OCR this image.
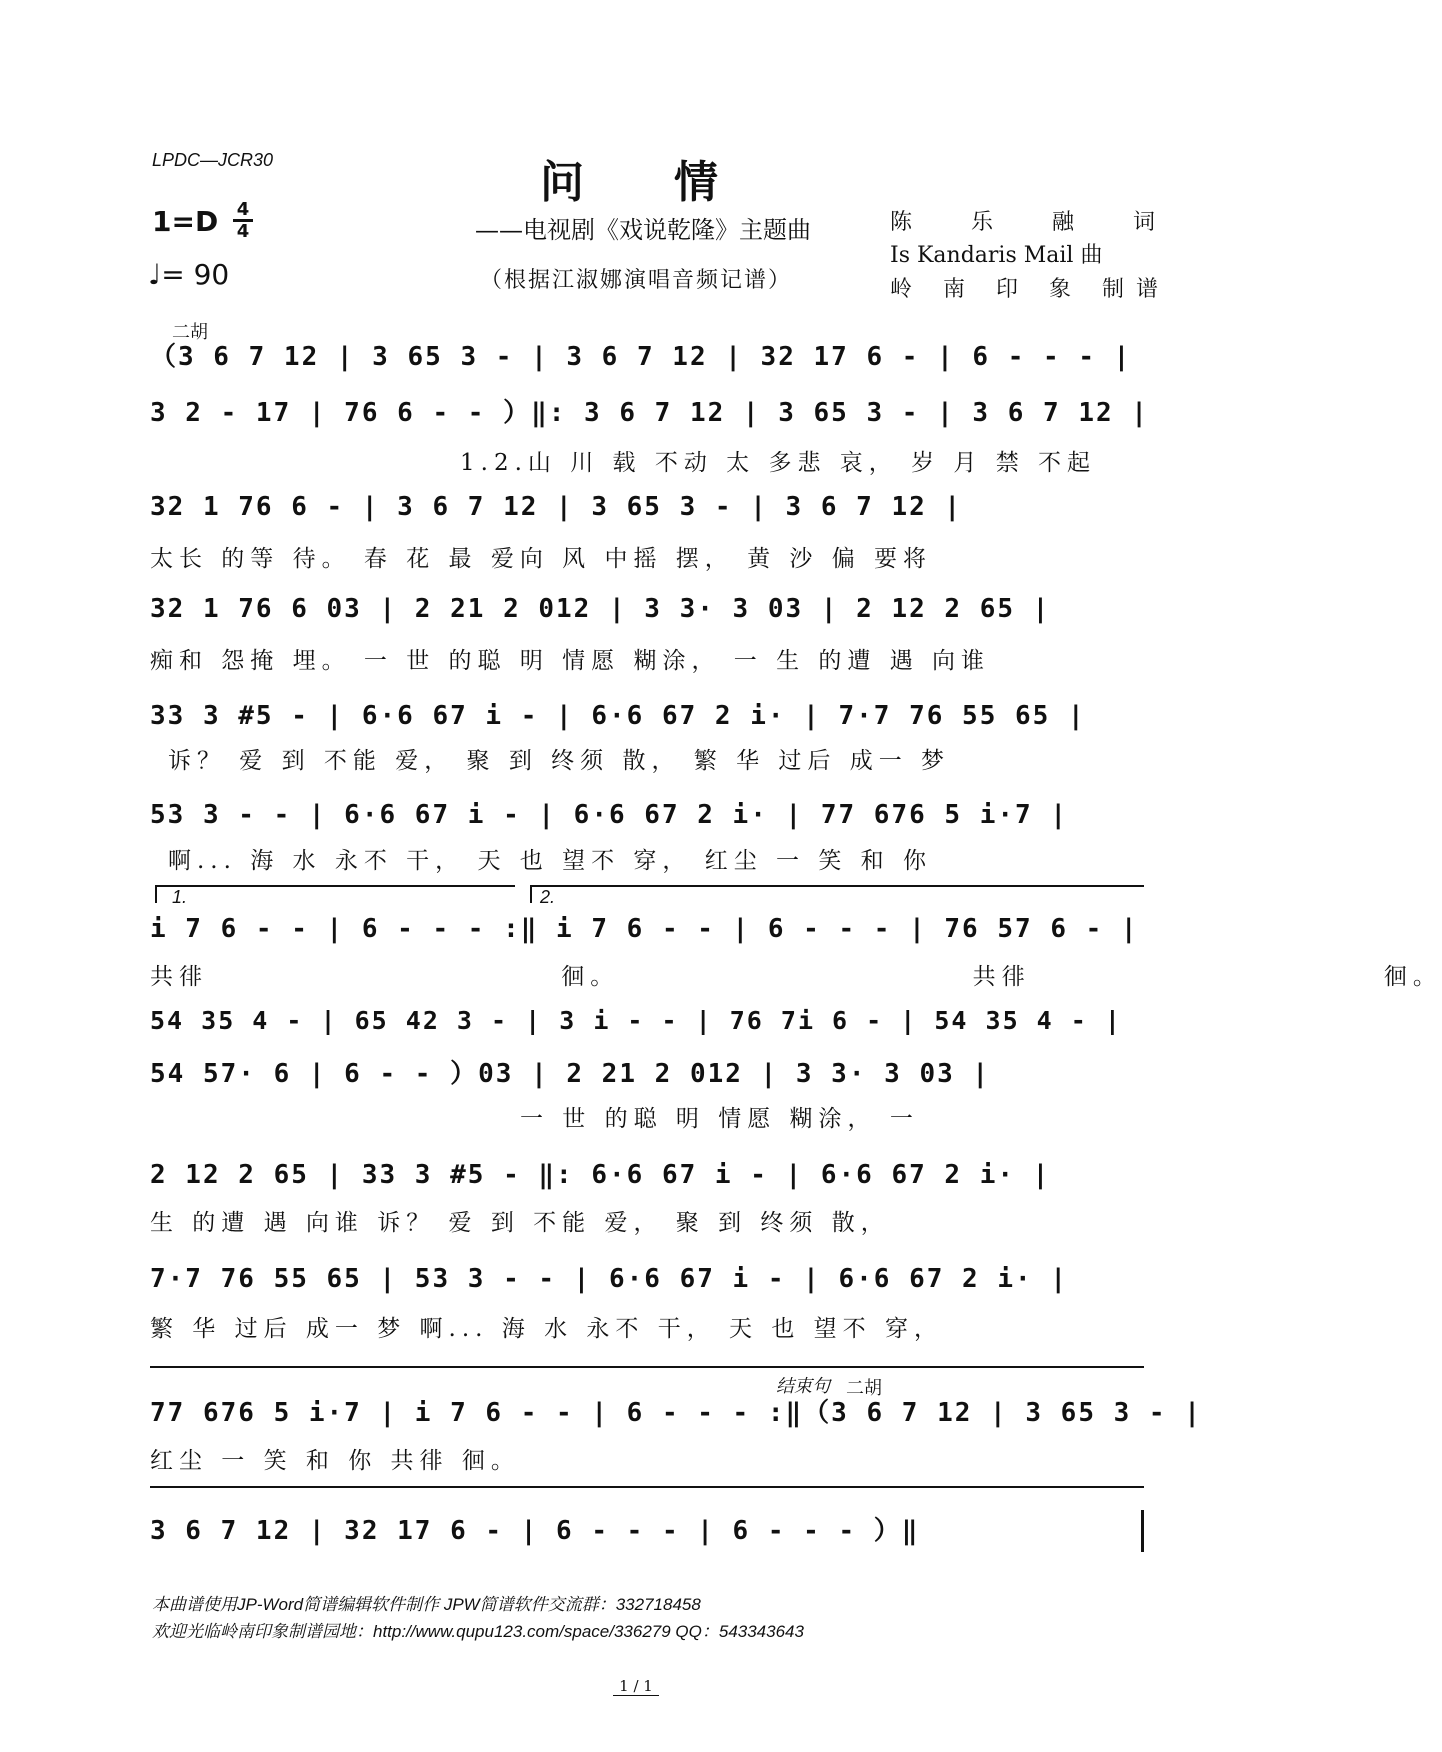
LPDC—JCR30	问情
1=D 4
4
♩= 90
——电视剧《戏说乾隆》主题曲
（根据江淑娜演唱音频记谱）
陈 乐 融 词
Is Kandaris Mail 曲
岭 南 印 象 制谱
二胡
（3 6 7 12 | 3 65 3 - | 3 6 7 12 | 32 17 6 - | 6 - - - |
3 2 - 17 | 76 6 - - ）‖: 3 6 7 12 | 3 65 3 - | 3 6 7 12 |
1.2.山 川 载 不动 太 多悲 哀， 岁 月 禁 不起
32 1 76 6 - | 3 6 7 12 | 3 65 3 - | 3 6 7 12 |
太长 的等 待。 春 花 最 爱向 风 中摇 摆， 黄 沙 偏 要将
32 1 76 6 03 | 2 21 2 012 | 3 3· 3 03 | 2 12 2 65 |
痴和 怨掩 埋。 一 世 的聪 明 情愿 糊涂， 一 生 的遭 遇 向谁
33 3 #5 - | 6·6 67 i - | 6·6 67 2 i· | 7·7 76 55 65 |
诉？ 爱 到 不能 爱， 聚 到 终须 散， 繁 华 过后 成一 梦
53 3 - - | 6·6 67 i - | 6·6 67 2 i· | 77 676 5 i·7 |
啊... 海 水 永不 干， 天 也 望不 穿， 红尘 一 笑 和 你
1.	2.
i 7 6 - - | 6 - - - :‖ i 7 6 - - | 6 - - - | 76 57 6 - |
共徘 徊。 共徘 徊。
54 35 4 - | 65 42 3 - | 3 i - - | 76 7i 6 - | 54 35 4 - |
54 57· 6 | 6 - - ）03 | 2 21 2 012 | 3 3· 3 03 |
一 世 的聪 明 情愿 糊涂， 一
2 12 2 65 | 33 3 #5 - ‖: 6·6 67 i - | 6·6 67 2 i· |
生 的遭 遇 向谁 诉？ 爱 到 不能 爱， 聚 到 终须 散，
7·7 76 55 65 | 53 3 - - | 6·6 67 i - | 6·6 67 2 i· |
繁 华 过后 成一 梦 啊... 海 水 永不 干， 天 也 望不 穿，
结束句 二胡
77 676 5 i·7 | i 7 6 - - | 6 - - - :‖（3 6 7 12 | 3 65 3 - |
红尘 一 笑 和 你 共徘 徊。
3 6 7 12 | 32 17 6 - | 6 - - - | 6 - - - ）‖
本曲谱使用JP-Word简谱编辑软件制作 JPW简谱软件交流群：332718458
欢迎光临岭南印象制谱园地：http://www.qupu123.com/space/336279 QQ：543343643
1 / 1
